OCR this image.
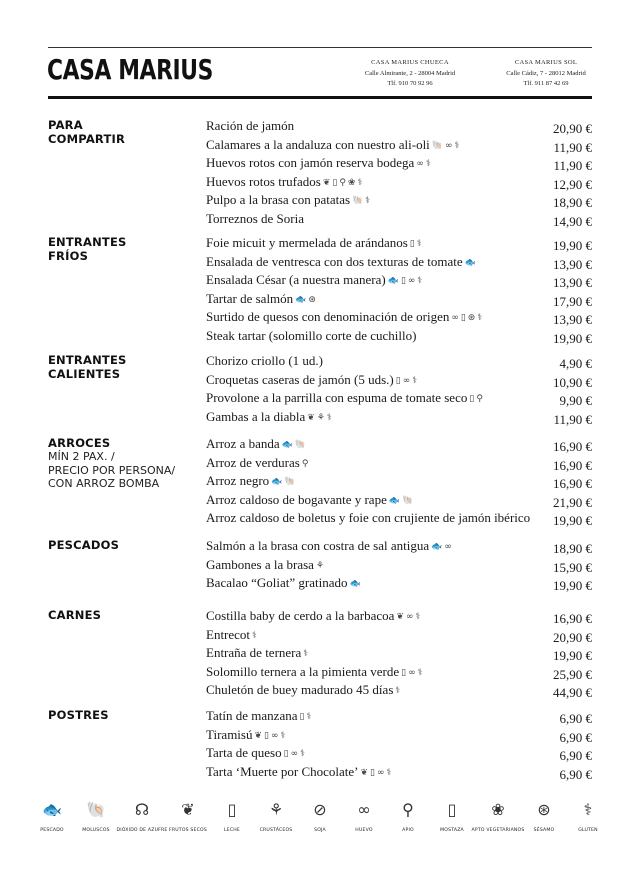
CASA MARIUS	CASA MARIUS CHUECA
Calle Almirante, 2 - 28004 Madrid
Tlf. 910 70 92 96
CASA MARIUS SOL
Calle Cádiz, 7 - 28012 Madrid
Tlf. 911 87 42 69
PARA
COMPARTIR
Ración de jamón	20,90 €
Calamares a la andaluza con nuestro ali-oli 🐚 ∞ ⚕	11,90 €
Huevos rotos con jamón reserva bodega ∞ ⚕	11,90 €
Huevos rotos trufados ❦ ▯ ⚲ ❀ ⚕	12,90 €
Pulpo a la brasa con patatas 🐚 ⚕	18,90 €
Torreznos de Soria	14,90 €
ENTRANTES
FRÍOS
Foie micuit y mermelada de arándanos ▯ ⚕	19,90 €
Ensalada de ventresca con dos texturas de tomate 🐟	13,90 €
Ensalada César (a nuestra manera) 🐟 ▯ ∞ ⚕	13,90 €
Tartar de salmón 🐟 ⊛	17,90 €
Surtido de quesos con denominación de origen ∞ ▯ ⊛ ⚕	13,90 €
Steak tartar (solomillo corte de cuchillo)	19,90 €
ENTRANTES
CALIENTES
Chorizo criollo (1 ud.)	4,90 €
Croquetas caseras de jamón (5 uds.) ▯ ∞ ⚕	10,90 €
Provolone a la parrilla con espuma de tomate seco ▯ ⚲	9,90 €
Gambas a la diabla ❦ ⚘ ⚕	11,90 €
ARROCES
MÍN 2 PAX. /
PRECIO POR PERSONA/
CON ARROZ BOMBA
Arroz a banda 🐟 🐚	16,90 €
Arroz de verduras ⚲	16,90 €
Arroz negro 🐟 🐚	16,90 €
Arroz caldoso de bogavante y rape 🐟 🐚	21,90 €
Arroz caldoso de boletus y foie con crujiente de jamón ibérico 19,90 €
PESCADOS	Salmón a la brasa con costra de sal antigua 🐟 ∞	18,90 €
Gambones a la brasa ⚘	15,90 €
Bacalao “Goliat” gratinado 🐟	19,90 €
CARNES	Costilla baby de cerdo a la barbacoa ❦ ∞ ⚕	16,90 €
Entrecot ⚕	20,90 €
Entraña de ternera ⚕	19,90 €
Solomillo ternera a la pimienta verde ▯ ∞ ⚕	25,90 €
Chuletón de buey madurado 45 días ⚕	44,90 €
POSTRES	Tatín de manzana ▯ ⚕	6,90 €
Tiramisú ❦ ▯ ∞ ⚕	6,90 €
Tarta de queso ▯ ∞ ⚕	6,90 €
Tarta ‘Muerte por Chocolate’ ❦ ▯ ∞ ⚕	6,90 €
🐟
PESCADO
🐚
MOLUSCOS
☊
DIÓXIDO DE AZUFRE
❦
FRUTOS SECOS
▯
LECHE
⚘
CRUSTÁCEOS
⊘
SOJA
∞
HUEVO
⚲
APIO
▯
MOSTAZA
❀
APTO VEGETARIANOS
⊛
SÉSAMO
⚕
GLUTEN
